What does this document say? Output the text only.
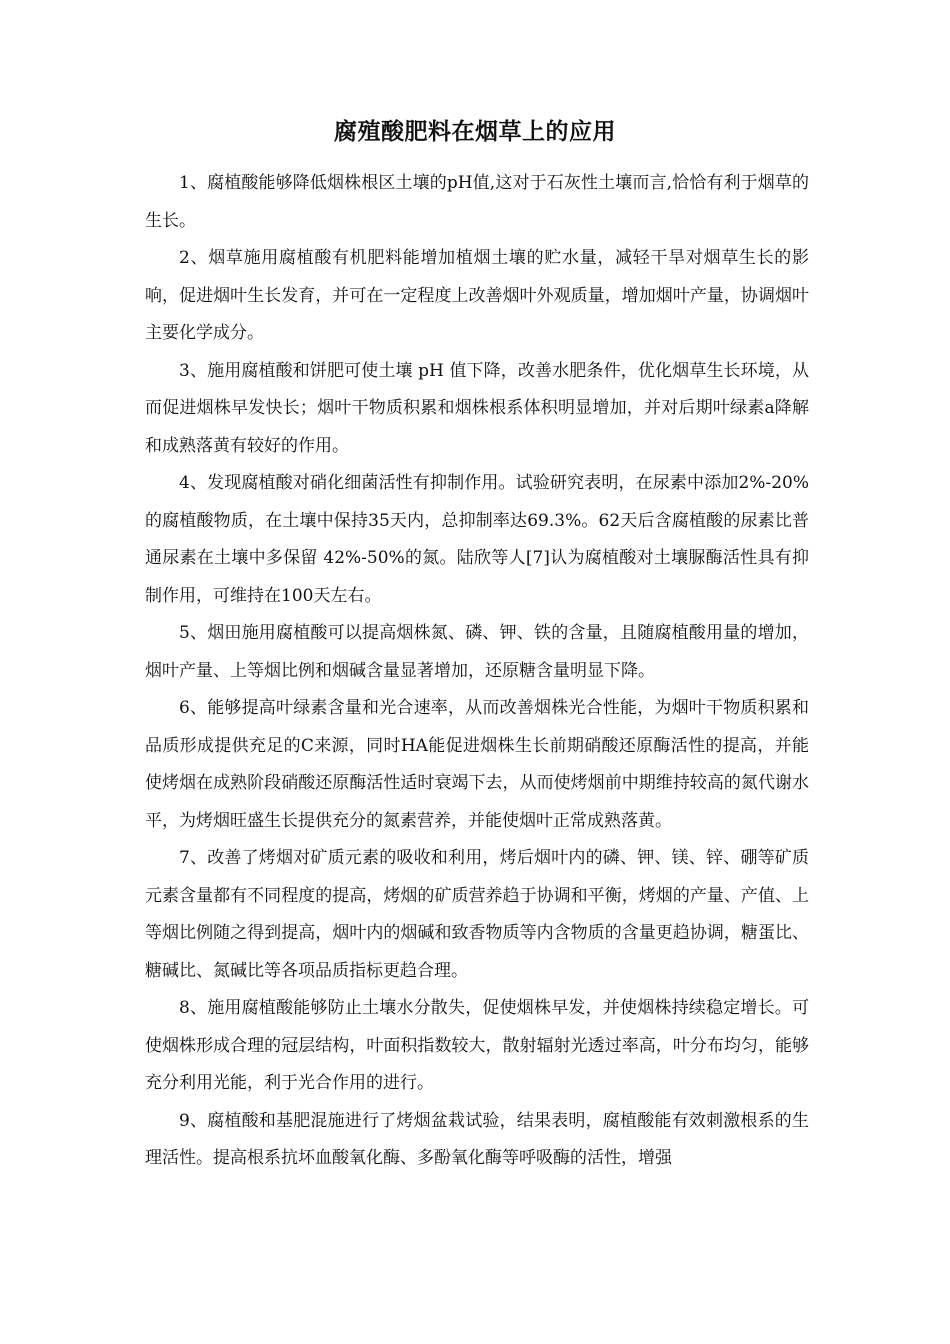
腐殖酸肥料在烟草上的应用

1、腐植酸能够降低烟株根区土壤的pH值,这对于石灰性土壤而言,恰恰有利于烟草的生长。

2、烟草施用腐植酸有机肥料能增加植烟土壤的贮水量，减轻干旱对烟草生长的影响，促进烟叶生长发育，并可在一定程度上改善烟叶外观质量，增加烟叶产量，协调烟叶主要化学成分。

3、施用腐植酸和饼肥可使土壤 pH 值下降，改善水肥条件，优化烟草生长环境，从而促进烟株早发快长；烟叶干物质积累和烟株根系体积明显增加，并对后期叶绿素a降解和成熟落黄有较好的作用。

4、发现腐植酸对硝化细菌活性有抑制作用。试验研究表明，在尿素中添加2%-20%的腐植酸物质，在土壤中保持35天内，总抑制率达69.3%。62天后含腐植酸的尿素比普通尿素在土壤中多保留 42%-50%的氮。陆欣等人[7]认为腐植酸对土壤脲酶活性具有抑制作用，可维持在100天左右。

5、烟田施用腐植酸可以提高烟株氮、磷、钾、铁的含量，且随腐植酸用量的增加，烟叶产量、上等烟比例和烟碱含量显著增加，还原糖含量明显下降。

6、能够提高叶绿素含量和光合速率，从而改善烟株光合性能，为烟叶干物质积累和品质形成提供充足的C来源，同时HA能促进烟株生长前期硝酸还原酶活性的提高，并能使烤烟在成熟阶段硝酸还原酶活性适时衰竭下去，从而使烤烟前中期维持较高的氮代谢水平，为烤烟旺盛生长提供充分的氮素营养，并能使烟叶正常成熟落黄。

7、改善了烤烟对矿质元素的吸收和利用，烤后烟叶内的磷、钾、镁、锌、硼等矿质元素含量都有不同程度的提高，烤烟的矿质营养趋于协调和平衡，烤烟的产量、产值、上等烟比例随之得到提高，烟叶内的烟碱和致香物质等内含物质的含量更趋协调，糖蛋比、糖碱比、氮碱比等各项品质指标更趋合理。

8、施用腐植酸能够防止土壤水分散失，促使烟株早发，并使烟株持续稳定增长。可使烟株形成合理的冠层结构，叶面积指数较大，散射辐射光透过率高，叶分布均匀，能够充分利用光能，利于光合作用的进行。

9、腐植酸和基肥混施进行了烤烟盆栽试验，结果表明，腐植酸能有效刺激根系的生理活性。提高根系抗坏血酸氧化酶、多酚氧化酶等呼吸酶的活性，增强
